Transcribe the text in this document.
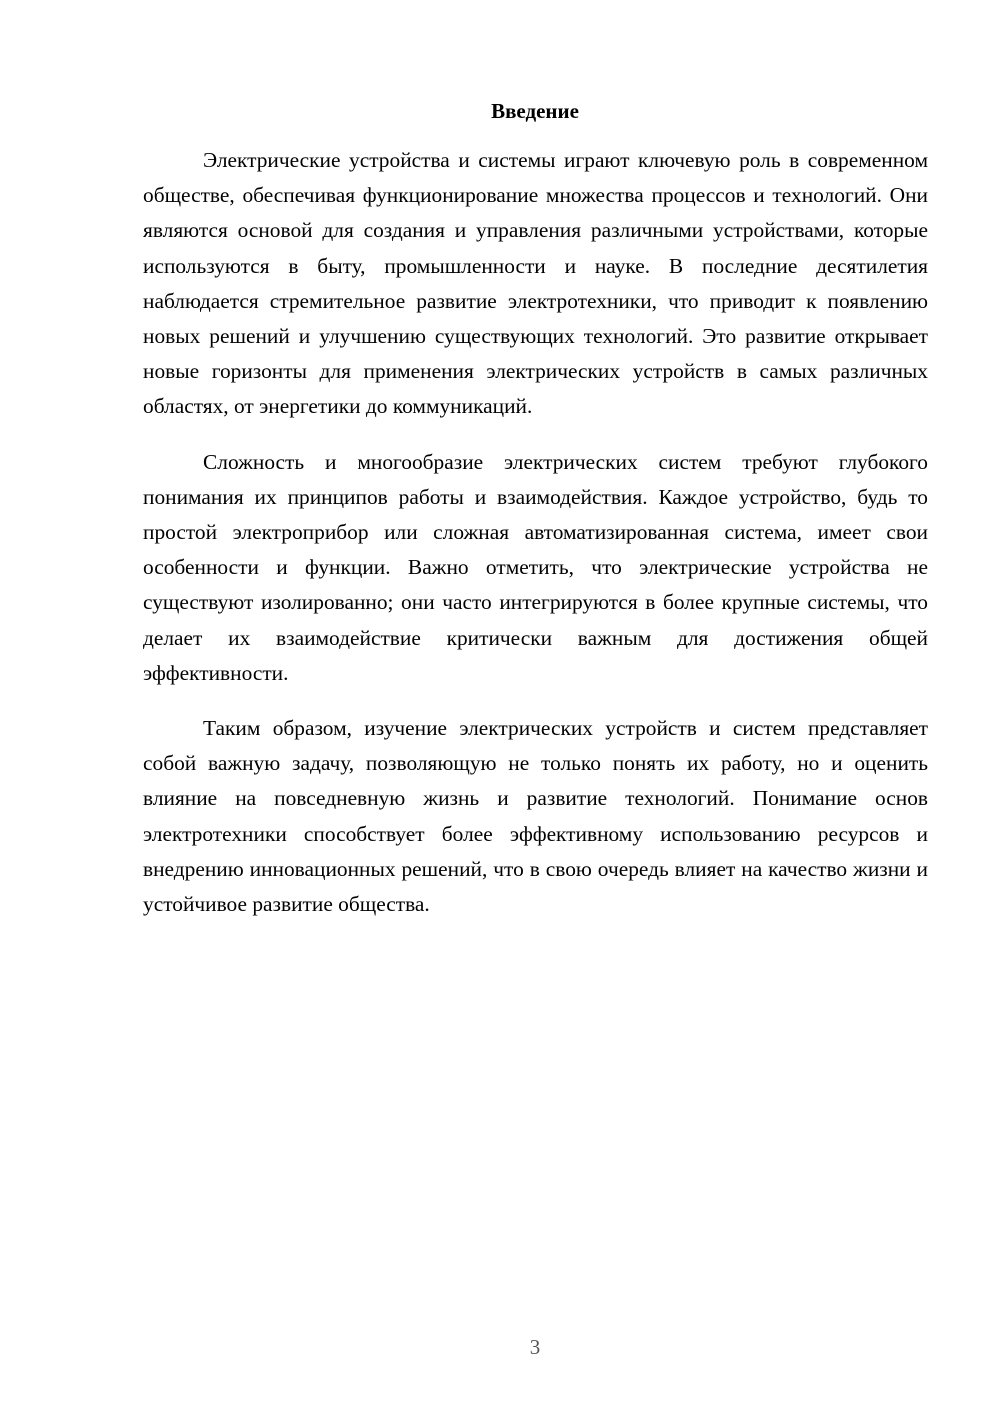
Введение

Электрические устройства и системы играют ключевую роль в современном обществе, обеспечивая функционирование множества процессов и технологий. Они являются основой для создания и управления различными устройствами, которые используются в быту, промышленности и науке. В последние десятилетия наблюдается стремительное развитие электротехники, что приводит к появлению новых решений и улучшению существующих технологий. Это развитие открывает новые горизонты для применения электрических устройств в самых различных областях, от энергетики до коммуникаций.

Сложность и многообразие электрических систем требуют глубокого понимания их принципов работы и взаимодействия. Каждое устройство, будь то простой электроприбор или сложная автоматизированная система, имеет свои особенности и функции. Важно отметить, что электрические устройства не существуют изолированно; они часто интегрируются в более крупные системы, что делает их взаимодействие критически важным для достижения общей эффективности.

Таким образом, изучение электрических устройств и систем представляет собой важную задачу, позволяющую не только понять их работу, но и оценить влияние на повседневную жизнь и развитие технологий. Понимание основ электротехники способствует более эффективному использованию ресурсов и внедрению инновационных решений, что в свою очередь влияет на качество жизни и устойчивое развитие общества.

3
